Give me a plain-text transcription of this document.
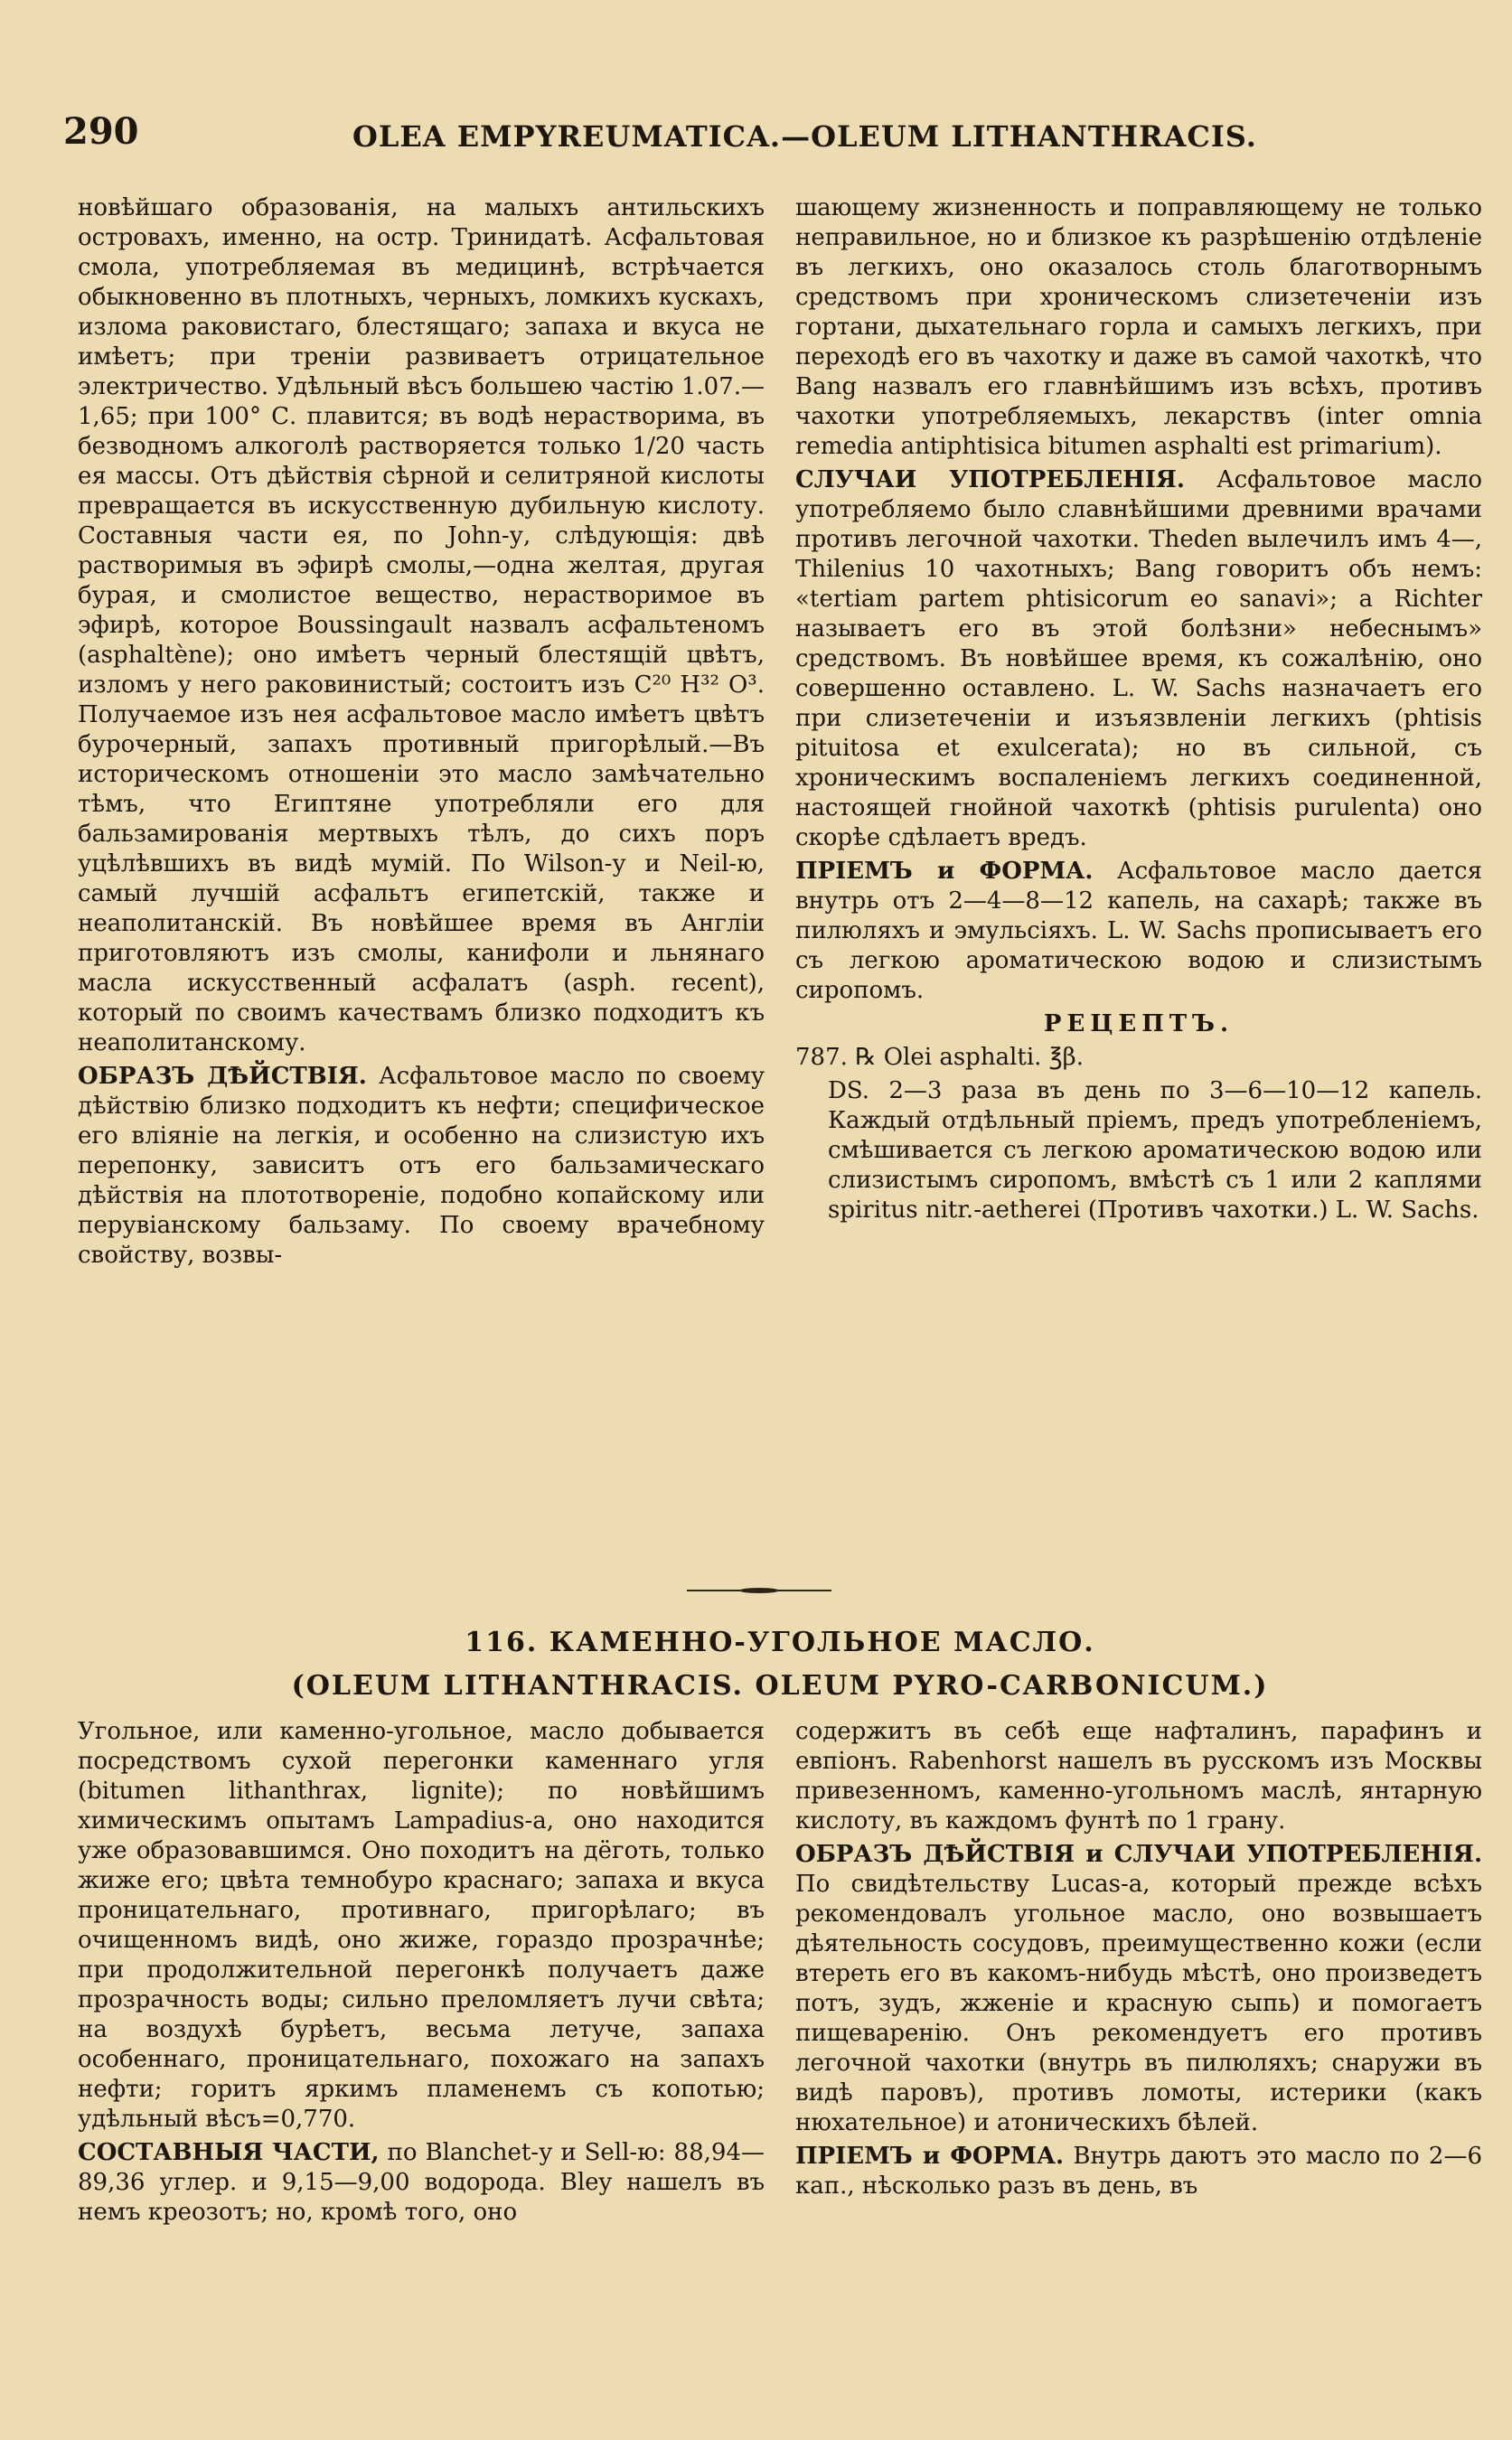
290	OLEA EMPYREUMATICA.—OLEUM LITHANTHRACIS.

новѣйшаго образованія, на малыхъ антильскихъ островахъ, именно, на остр. Тринидатѣ. Асфальтовая смола, употребляемая въ медицинѣ, встрѣчается обыкновенно въ плотныхъ, черныхъ, ломкихъ кускахъ, излома раковистаго, блестящаго; запаха и вкуса не имѣетъ; при треніи развиваетъ отрицательное электричество. Удѣльный вѣсъ большею частію 1.07.—1,65; при 100° С. плавится; въ водѣ нерастворима, въ безводномъ алкоголѣ растворяется только 1/20 часть ея массы. Отъ дѣйствія сѣрной и селитряной кислоты превращается въ искусственную дубильную кислоту. Составныя части ея, по John-у, слѣдующія: двѣ растворимыя въ эфирѣ смолы,—одна желтая, другая бурая, и смолистое вещество, нерастворимое въ эфирѣ, которое Boussingault назвалъ асфальтеномъ (asphaltène); оно имѣетъ черный блестящій цвѣтъ, изломъ у него раковинистый; состоитъ изъ C²⁰ H³² O³. Получаемое изъ нея асфальтовое масло имѣетъ цвѣтъ бурочерный, запахъ противный пригорѣлый.—Въ историческомъ отношеніи это масло замѣчательно тѣмъ, что Египтяне употребляли его для бальзамированія мертвыхъ тѣлъ, до сихъ поръ уцѣлѣвшихъ въ видѣ мумій. По Wilson-у и Neil-ю, самый лучшій асфальтъ египетскій, также и неаполитанскій. Въ новѣйшее время въ Англіи приготовляютъ изъ смолы, канифоли и льнянаго масла искусственный асфалатъ (asph. recent), который по своимъ качествамъ близко подходитъ къ неаполитанскому.

ОБРАЗЪ ДѢЙСТВІЯ. Асфальтовое масло по своему дѣйствію близко подходитъ къ нефти; специфическое его вліяніе на легкія, и особенно на слизистую ихъ перепонку, зависитъ отъ его бальзамическаго дѣйствія на плототвореніе, подобно копайскому или перувіанскому бальзаму. По своему врачебному свойству, возвы-

шающему жизненность и поправляющему не только неправильное, но и близкое къ разрѣшенію отдѣленіе въ легкихъ, оно оказалось столь благотворнымъ средствомъ при хроническомъ слизетеченіи изъ гортани, дыхательнаго горла и самыхъ легкихъ, при переходѣ его въ чахотку и даже въ самой чахоткѣ, что Bang назвалъ его главнѣйшимъ изъ всѣхъ, противъ чахотки употребляемыхъ, лекарствъ (inter omnia remedia antiphtisica bitumen asphalti est primarium).

СЛУЧАИ УПОТРЕБЛЕНІЯ. Асфальтовое масло употребляемо было славнѣйшими древними врачами противъ легочной чахотки. Theden вылечилъ имъ 4—, Thilenius 10 чахотныхъ; Bang говоритъ объ немъ: «tertiam partem phtisicorum eo sanavi»; а Richter называетъ его въ этой болѣзни» небеснымъ» средствомъ. Въ новѣйшее время, къ сожалѣнію, оно совершенно оставлено. L. W. Sachs назначаетъ его при слизетеченіи и изъязвленіи легкихъ (phtisis pituitosa et exulcerata); но въ сильной, съ хроническимъ воспаленіемъ легкихъ соединенной, настоящей гнойной чахоткѣ (phtisis purulenta) оно скорѣе сдѣлаетъ вредъ.

ПРІЕМЪ и ФОРМА. Асфальтовое масло дается внутрь отъ 2—4—8—12 капель, на сахарѣ; также въ пилюляхъ и эмульсіяхъ. L. W. Sachs прописываетъ его съ легкою ароматическою водою и слизистымъ сиропомъ.

РЕЦЕПТЪ.

787. ℞ Olei asphalti. ℥β.

DS. 2—3 раза въ день по 3—6—10—12 капель. Каждый отдѣльный пріемъ, предъ употребленіемъ, смѣшивается съ легкою ароматическою водою или слизистымъ сиропомъ, вмѣстѣ съ 1 или 2 каплями spiritus nitr.-aetherei (Противъ чахотки.) L. W. Sachs.

116. КАМЕННО-УГОЛЬНОЕ МАСЛО.
(OLEUM LITHANTHRACIS. OLEUM PYRO-CARBONICUM.)

Угольное, или каменно-угольное, масло добывается посредствомъ сухой перегонки каменнаго угля (bitumen lithanthrax, lignite); по новѣйшимъ химическимъ опытамъ Lampadius-а, оно находится уже образовавшимся. Оно походитъ на дёготь, только жиже его; цвѣта темнобуро краснаго; запаха и вкуса проницательнаго, противнаго, пригорѣлаго; въ очищенномъ видѣ, оно жиже, гораздо прозрачнѣе; при продолжительной перегонкѣ получаетъ даже прозрачность воды; сильно преломляетъ лучи свѣта; на воздухѣ бурѣетъ, весьма летуче, запаха особеннаго, проницательнаго, похожаго на запахъ нефти; горитъ яркимъ пламенемъ съ копотью; удѣльный вѣсъ=0,770.

СОСТАВНЫЯ ЧАСТИ, по Blanchet-у и Sell-ю: 88,94—89,36 углер. и 9,15—9,00 водорода. Bley нашелъ въ немъ креозотъ; но, кромѣ того, оно

содержитъ въ себѣ еще нафталинъ, парафинъ и евпіонъ. Rabenhorst нашелъ въ русскомъ изъ Москвы привезенномъ, каменно-угольномъ маслѣ, янтарную кислоту, въ каждомъ фунтѣ по 1 грану.

ОБРАЗЪ ДѢЙСТВІЯ и СЛУЧАИ УПОТРЕБЛЕНІЯ. По свидѣтельству Lucas-а, который прежде всѣхъ рекомендовалъ угольное масло, оно возвышаетъ дѣятельность сосудовъ, преимущественно кожи (если втереть его въ какомъ-нибудь мѣстѣ, оно произведетъ потъ, зудъ, жженіе и красную сыпь) и помогаетъ пищеваренію. Онъ рекомендуетъ его противъ легочной чахотки (внутрь въ пилюляхъ; снаружи въ видѣ паровъ), противъ ломоты, истерики (какъ нюхательное) и атоническихъ бѣлей.

ПРІЕМЪ и ФОРМА. Внутрь даютъ это масло по 2—6 кап., нѣсколько разъ въ день, въ
